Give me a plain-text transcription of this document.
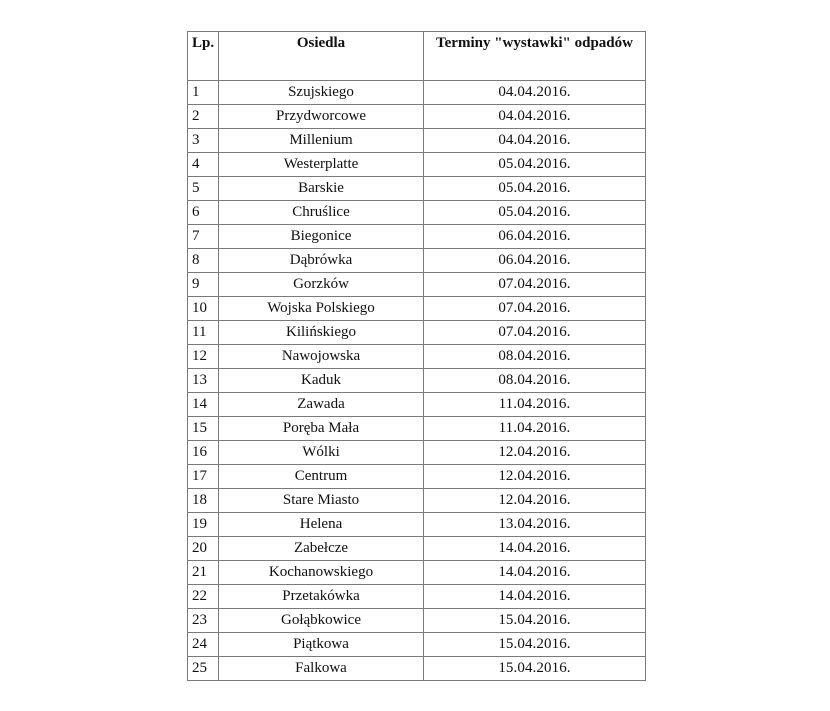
Lp.	Osiedla	Terminy "wystawki" odpadów
1	Szujskiego	04.04.2016.
2	Przydworcowe	04.04.2016.
3	Millenium	04.04.2016.
4	Westerplatte	05.04.2016.
5	Barskie	05.04.2016.
6	Chruślice	05.04.2016.
7	Biegonice	06.04.2016.
8	Dąbrówka	06.04.2016.
9	Gorzków	07.04.2016.
10	Wojska Polskiego	07.04.2016.
11	Kilińskiego	07.04.2016.
12	Nawojowska	08.04.2016.
13	Kaduk	08.04.2016.
14	Zawada	11.04.2016.
15	Poręba Mała	11.04.2016.
16	Wólki	12.04.2016.
17	Centrum	12.04.2016.
18	Stare Miasto	12.04.2016.
19	Helena	13.04.2016.
20	Zabełcze	14.04.2016.
21	Kochanowskiego	14.04.2016.
22	Przetakówka	14.04.2016.
23	Gołąbkowice	15.04.2016.
24	Piątkowa	15.04.2016.
25	Falkowa	15.04.2016.
